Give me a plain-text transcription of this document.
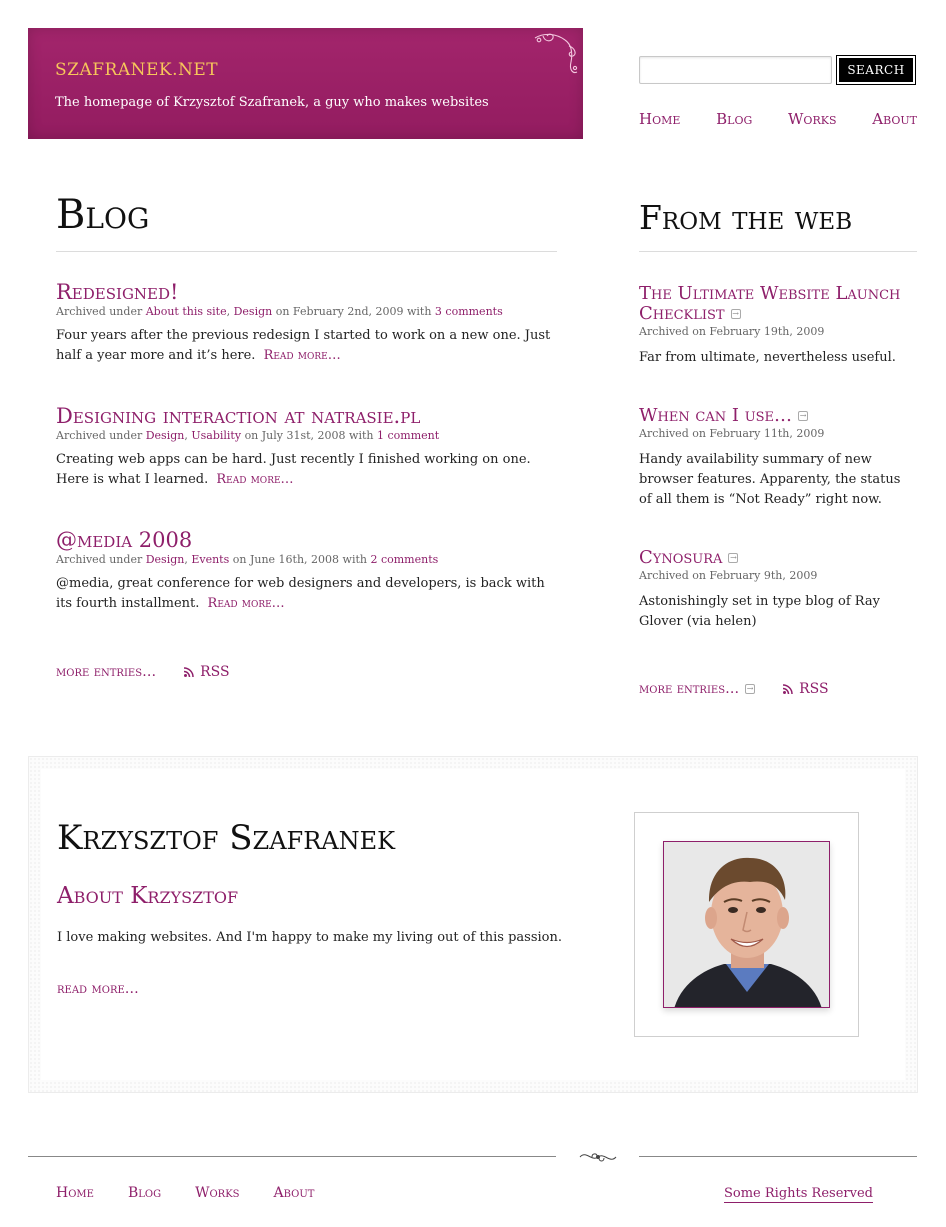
SZAFRANEK.NET
The homepage of Krzysztof Szafranek, a guy who makes websites
SEARCH
Home Blog Works About
Blog
Redesigned!
Archived under About this site, Design on February 2nd, 2009 with 3 comments

Four years after the previous redesign I started to work on a new one. Just half a year more and it’s here. Read more…

Designing interaction at natrasie.pl
Archived under Design, Usability on July 31st, 2008 with 1 comment

Creating web apps can be hard. Just recently I finished working on one. Here is what I learned. Read more…

@media 2008
Archived under Design, Events on June 16th, 2008 with 2 comments

@media, great conference for web designers and developers, is back with its fourth installment. Read more…

more entries…	RSS
From the web
The Ultimate Website Launch Checklist →
Archived on February 19th, 2009

Far from ultimate, nevertheless useful.

When can I use… →
Archived on February 11th, 2009

Handy availability summary of new browser features. Apparenty, the status of all them is “Not Ready” right now.

Cynosura →
Archived on February 9th, 2009

Astonishingly set in type blog of Ray Glover (via helen)

more entries… →	RSS
Krzysztof Szafranek
About Krzysztof

I love making websites. And I'm happy to make my living out of this passion.

read more…
Home Blog Works About	Some Rights Reserved
